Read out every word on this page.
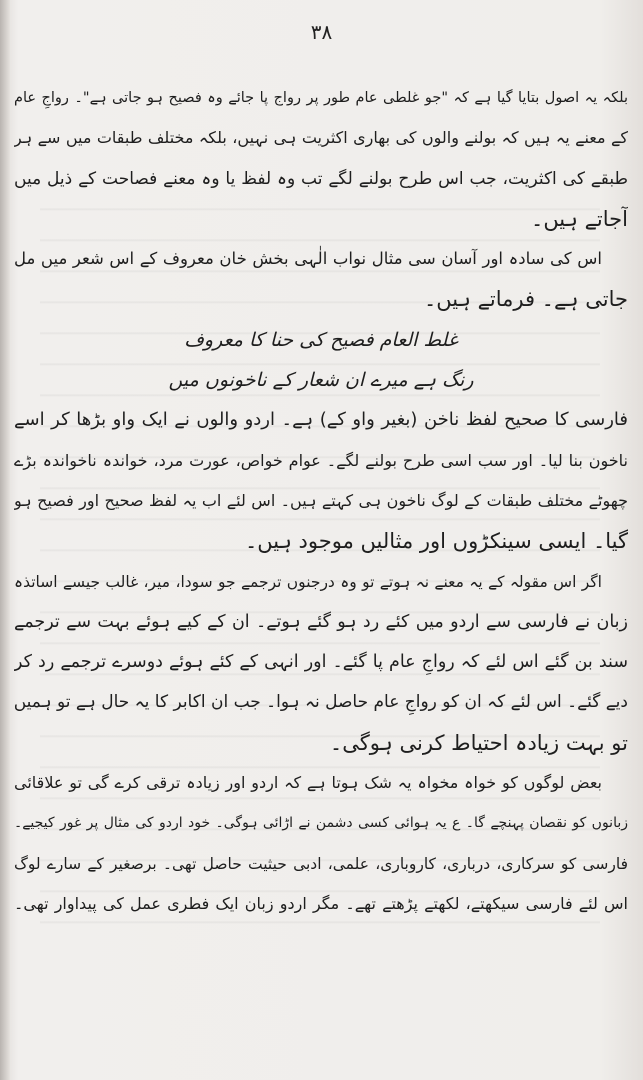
۳۸
بلکہ یہ اصول بتایا گیا ہے کہ "جو غلطی عام طور پر رواج پا جائے وہ فصیح ہو جاتی ہے"۔ رواجِ عام
کے معنے یہ ہیں کہ بولنے والوں کی بھاری اکثریت ہی نہیں، بلکہ مختلف طبقات میں سے ہر
طبقے کی اکثریت، جب اس طرح بولنے لگے تب وہ لفظ یا وہ معنے فصاحت کے ذیل میں
آجاتے ہیں۔
اس کی سادہ اور آسان سی مثال نواب الٰہی بخش خان معروف کے اس شعر میں مل
جاتی ہے۔ فرماتے ہیں۔
غلط العام فصیح کی حنا کا معروف
رنگ ہے میرے ان شعار کے ناخونوں میں
فارسی کا صحیح لفظ ناخن (بغیر واو کے) ہے۔ اردو والوں نے ایک واو بڑھا کر اسے
ناخون بنا لیا۔ اور سب اسی طرح بولنے لگے۔ عوام خواص، عورت مرد، خواندہ ناخواندہ بڑے
چھوٹے مختلف طبقات کے لوگ ناخون ہی کہتے ہیں۔ اس لئے اب یہ لفظ صحیح اور فصیح ہو
گیا۔ ایسی سینکڑوں اور مثالیں موجود ہیں۔
اگر اس مقولہ کے یہ معنے نہ ہوتے تو وہ درجنوں ترجمے جو سودا، میر، غالب جیسے اساتذہ
زبان نے فارسی سے اردو میں کئے رد ہو گئے ہوتے۔ ان کے کیے ہوئے بہت سے ترجمے
سند بن گئے اس لئے کہ رواجِ عام پا گئے۔ اور انہی کے کئے ہوئے دوسرے ترجمے رد کر
دیے گئے۔ اس لئے کہ ان کو رواجِ عام حاصل نہ ہوا۔ جب ان اکابر کا یہ حال ہے تو ہمیں
تو بہت زیادہ احتیاط کرنی ہوگی۔
بعض لوگوں کو خواہ مخواہ یہ شک ہوتا ہے کہ اردو اور زیادہ ترقی کرے گی تو علاقائی
زبانوں کو نقصان پہنچے گا۔ ع یہ ہوائی کسی دشمن نے اڑائی ہوگی۔ خود اردو کی مثال پر غور کیجیے۔
فارسی کو سرکاری، درباری، کاروباری، علمی، ادبی حیثیت حاصل تھی۔ برصغیر کے سارے لوگ
اس لئے فارسی سیکھتے، لکھتے پڑھتے تھے۔ مگر اردو زبان ایک فطری عمل کی پیداوار تھی۔
